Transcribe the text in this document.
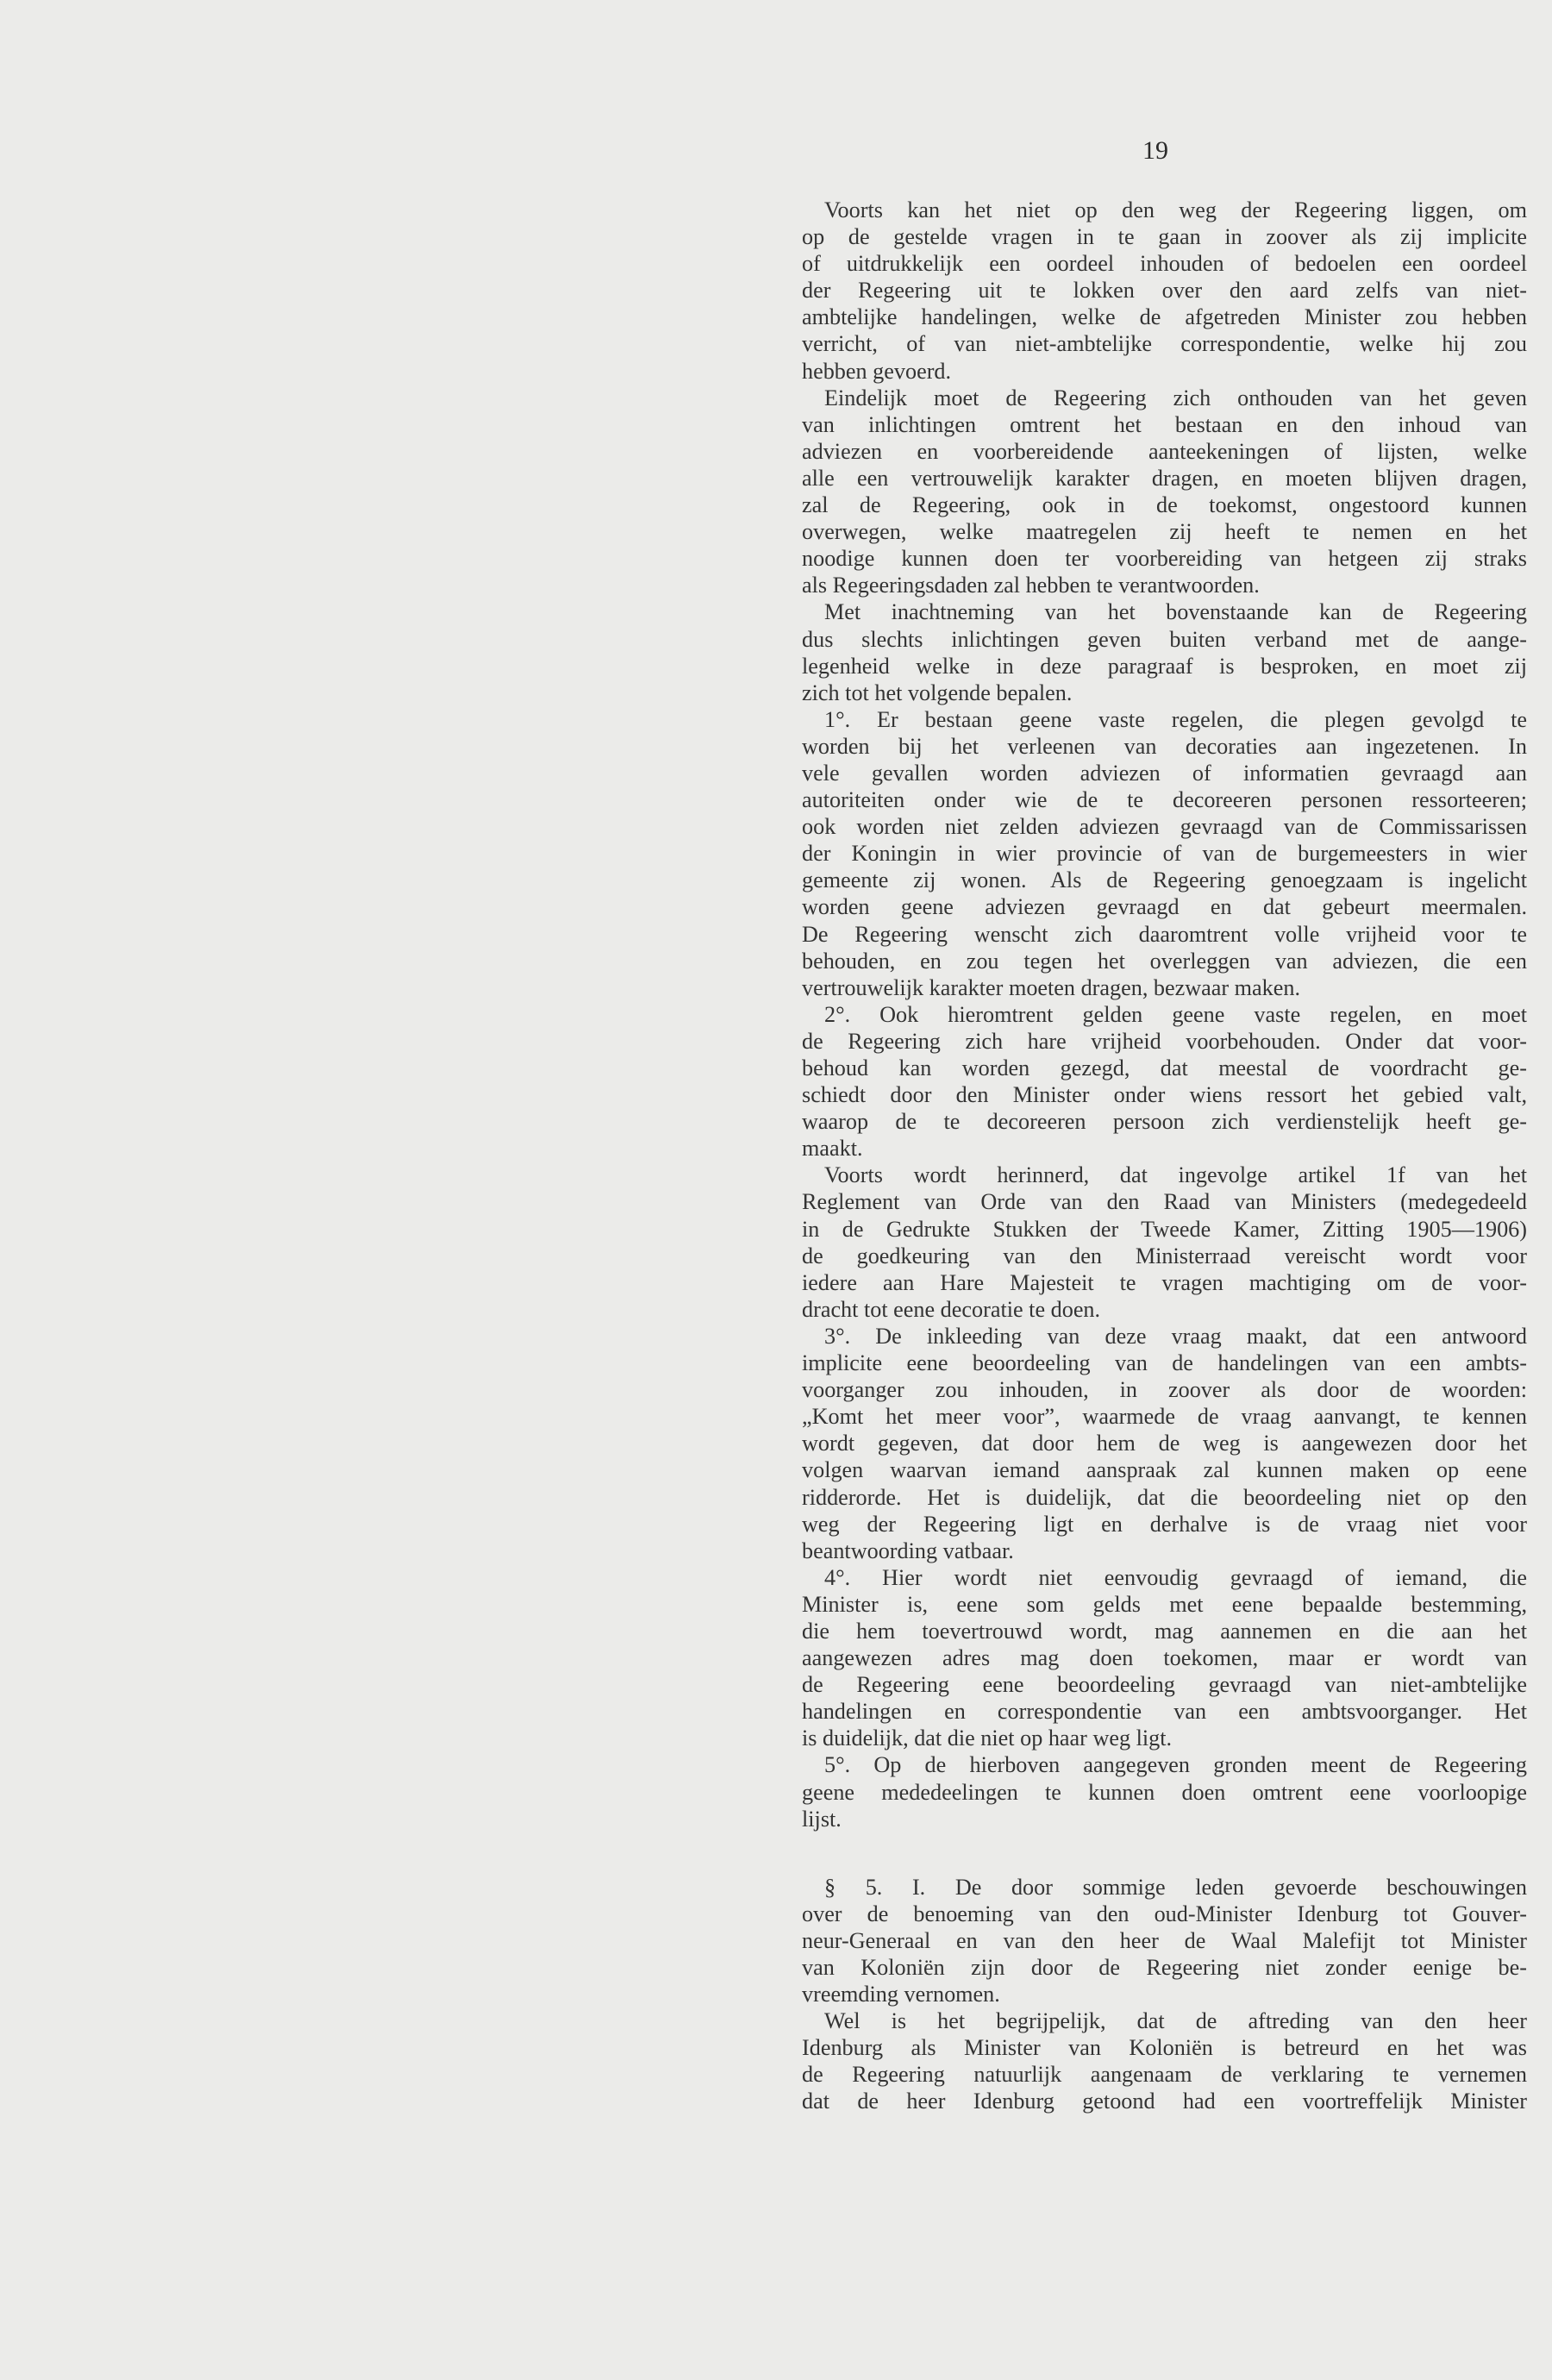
19
Voorts kan het niet op den weg der Regeering liggen, om
op de gestelde vragen in te gaan in zoover als zij implicite
of uitdrukkelijk een oordeel inhouden of bedoelen een oordeel
der Regeering uit te lokken over den aard zelfs van niet-
ambtelijke handelingen, welke de afgetreden Minister zou hebben
verricht, of van niet-ambtelijke correspondentie, welke hij zou
hebben gevoerd.
Eindelijk moet de Regeering zich onthouden van het geven
van inlichtingen omtrent het bestaan en den inhoud van
adviezen en voorbereidende aanteekeningen of lijsten, welke
alle een vertrouwelijk karakter dragen, en moeten blijven dragen,
zal de Regeering, ook in de toekomst, ongestoord kunnen
overwegen, welke maatregelen zij heeft te nemen en het
noodige kunnen doen ter voorbereiding van hetgeen zij straks
als Regeeringsdaden zal hebben te verantwoorden.
Met inachtneming van het bovenstaande kan de Regeering
dus slechts inlichtingen geven buiten verband met de aange-
legenheid welke in deze paragraaf is besproken, en moet zij
zich tot het volgende bepalen.
1°. Er bestaan geene vaste regelen, die plegen gevolgd te
worden bij het verleenen van decoraties aan ingezetenen. In
vele gevallen worden adviezen of informatien gevraagd aan
autoriteiten onder wie de te decoreeren personen ressorteeren;
ook worden niet zelden adviezen gevraagd van de Commissarissen
der Koningin in wier provincie of van de burgemeesters in wier
gemeente zij wonen. Als de Regeering genoegzaam is ingelicht
worden geene adviezen gevraagd en dat gebeurt meermalen.
De Regeering wenscht zich daaromtrent volle vrijheid voor te
behouden, en zou tegen het overleggen van adviezen, die een
vertrouwelijk karakter moeten dragen, bezwaar maken.
2°. Ook hieromtrent gelden geene vaste regelen, en moet
de Regeering zich hare vrijheid voorbehouden. Onder dat voor-
behoud kan worden gezegd, dat meestal de voordracht ge-
schiedt door den Minister onder wiens ressort het gebied valt,
waarop de te decoreeren persoon zich verdienstelijk heeft ge-
maakt.
Voorts wordt herinnerd, dat ingevolge artikel 1f van het
Reglement van Orde van den Raad van Ministers (medegedeeld
in de Gedrukte Stukken der Tweede Kamer, Zitting 1905—1906)
de goedkeuring van den Ministerraad vereischt wordt voor
iedere aan Hare Majesteit te vragen machtiging om de voor-
dracht tot eene decoratie te doen.
3°. De inkleeding van deze vraag maakt, dat een antwoord
implicite eene beoordeeling van de handelingen van een ambts-
voorganger zou inhouden, in zoover als door de woorden:
„Komt het meer voor”, waarmede de vraag aanvangt, te kennen
wordt gegeven, dat door hem de weg is aangewezen door het
volgen waarvan iemand aanspraak zal kunnen maken op eene
ridderorde. Het is duidelijk, dat die beoordeeling niet op den
weg der Regeering ligt en derhalve is de vraag niet voor
beantwoording vatbaar.
4°. Hier wordt niet eenvoudig gevraagd of iemand, die
Minister is, eene som gelds met eene bepaalde bestemming,
die hem toevertrouwd wordt, mag aannemen en die aan het
aangewezen adres mag doen toekomen, maar er wordt van
de Regeering eene beoordeeling gevraagd van niet-ambtelijke
handelingen en correspondentie van een ambtsvoorganger. Het
is duidelijk, dat die niet op haar weg ligt.
5°. Op de hierboven aangegeven gronden meent de Regeering
geene mededeelingen te kunnen doen omtrent eene voorloopige
lijst.
§ 5. I. De door sommige leden gevoerde beschouwingen
over de benoeming van den oud-Minister Idenburg tot Gouver-
neur-Generaal en van den heer de Waal Malefijt tot Minister
van Koloniën zijn door de Regeering niet zonder eenige be-
vreemding vernomen.
Wel is het begrijpelijk, dat de aftreding van den heer
Idenburg als Minister van Koloniën is betreurd en het was
de Regeering natuurlijk aangenaam de verklaring te vernemen
dat de heer Idenburg getoond had een voortreffelijk Minister
